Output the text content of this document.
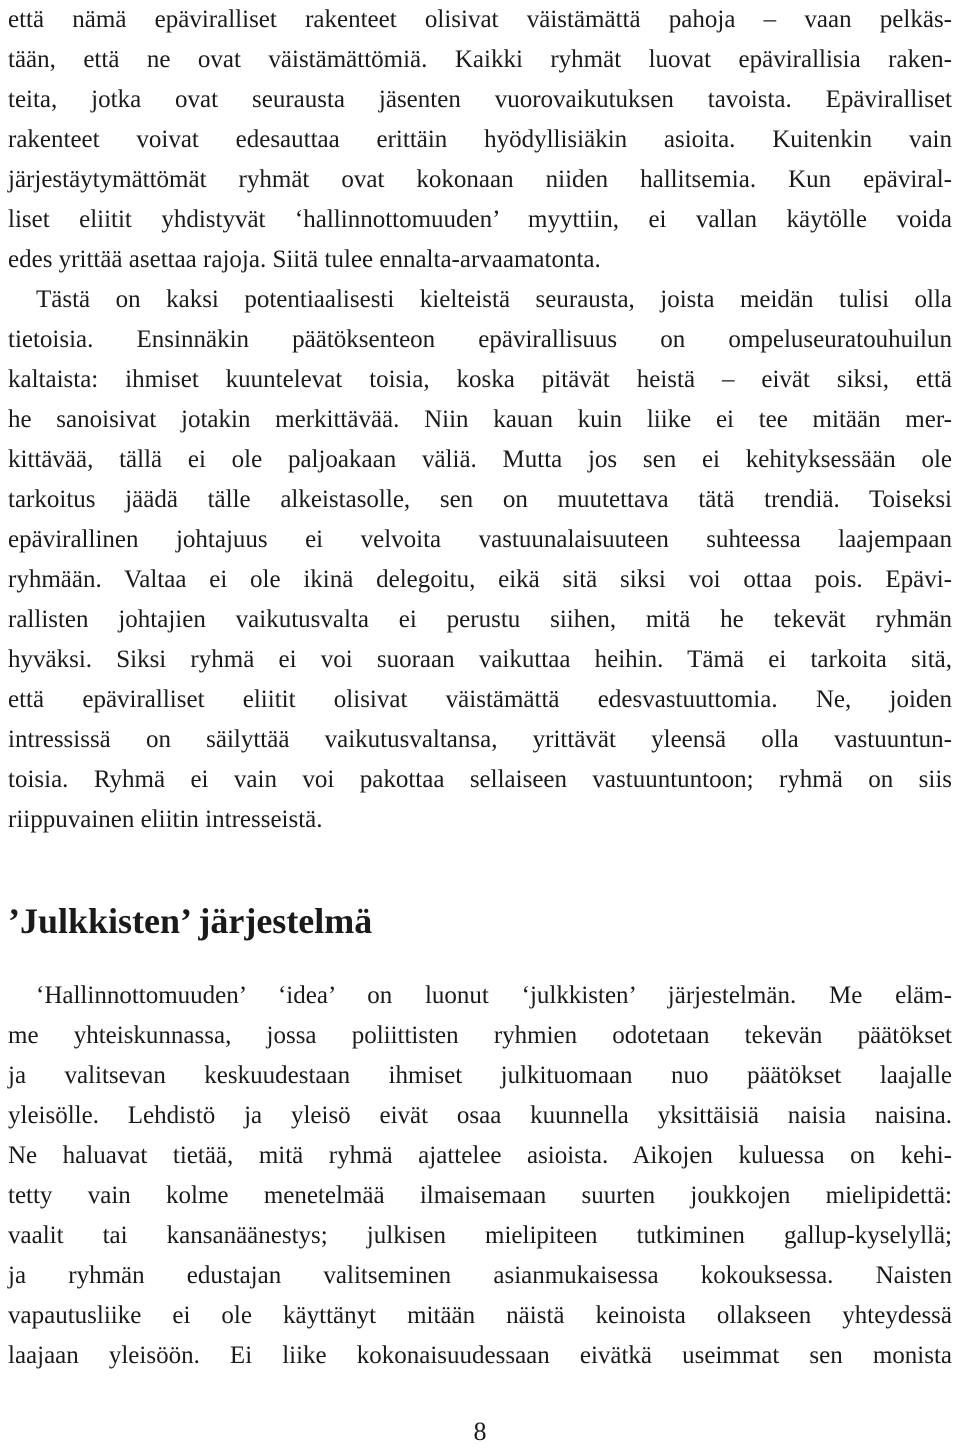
että nämä epäviralliset rakenteet olisivat väistämättä pahoja – vaan pelkäs-
tään, että ne ovat väistämättömiä. Kaikki ryhmät luovat epävirallisia raken-
teita, jotka ovat seurausta jäsenten vuorovaikutuksen tavoista. Epäviralliset
rakenteet voivat edesauttaa erittäin hyödyllisiäkin asioita. Kuitenkin vain
järjestäytymättömät ryhmät ovat kokonaan niiden hallitsemia. Kun epäviral-
liset eliitit yhdistyvät ‘hallinnottomuuden’ myyttiin, ei vallan käytölle voida
edes yrittää asettaa rajoja. Siitä tulee ennalta-arvaamatonta.
Tästä on kaksi potentiaalisesti kielteistä seurausta, joista meidän tulisi olla
tietoisia. Ensinnäkin päätöksenteon epävirallisuus on ompeluseuratouhuilun
kaltaista: ihmiset kuuntelevat toisia, koska pitävät heistä – eivät siksi, että
he sanoisivat jotakin merkittävää. Niin kauan kuin liike ei tee mitään mer-
kittävää, tällä ei ole paljoakaan väliä. Mutta jos sen ei kehityksessään ole
tarkoitus jäädä tälle alkeistasolle, sen on muutettava tätä trendiä. Toiseksi
epävirallinen johtajuus ei velvoita vastuunalaisuuteen suhteessa laajempaan
ryhmään. Valtaa ei ole ikinä delegoitu, eikä sitä siksi voi ottaa pois. Epävi-
rallisten johtajien vaikutusvalta ei perustu siihen, mitä he tekevät ryhmän
hyväksi. Siksi ryhmä ei voi suoraan vaikuttaa heihin. Tämä ei tarkoita sitä,
että epäviralliset eliitit olisivat väistämättä edesvastuuttomia. Ne, joiden
intressissä on säilyttää vaikutusvaltansa, yrittävät yleensä olla vastuuntun-
toisia. Ryhmä ei vain voi pakottaa sellaiseen vastuuntuntoon; ryhmä on siis
riippuvainen eliitin intresseistä.
’Julkkisten’ järjestelmä
‘Hallinnottomuuden’ ‘idea’ on luonut ‘julkkisten’ järjestelmän. Me eläm-
me yhteiskunnassa, jossa poliittisten ryhmien odotetaan tekevän päätökset
ja valitsevan keskuudestaan ihmiset julkituomaan nuo päätökset laajalle
yleisölle. Lehdistö ja yleisö eivät osaa kuunnella yksittäisiä naisia naisina.
Ne haluavat tietää, mitä ryhmä ajattelee asioista. Aikojen kuluessa on kehi-
tetty vain kolme menetelmää ilmaisemaan suurten joukkojen mielipidettä:
vaalit tai kansanäänestys; julkisen mielipiteen tutkiminen gallup-kyselyllä;
ja ryhmän edustajan valitseminen asianmukaisessa kokouksessa. Naisten
vapautusliike ei ole käyttänyt mitään näistä keinoista ollakseen yhteydessä
laajaan yleisöön. Ei liike kokonaisuudessaan eivätkä useimmat sen monista
8
